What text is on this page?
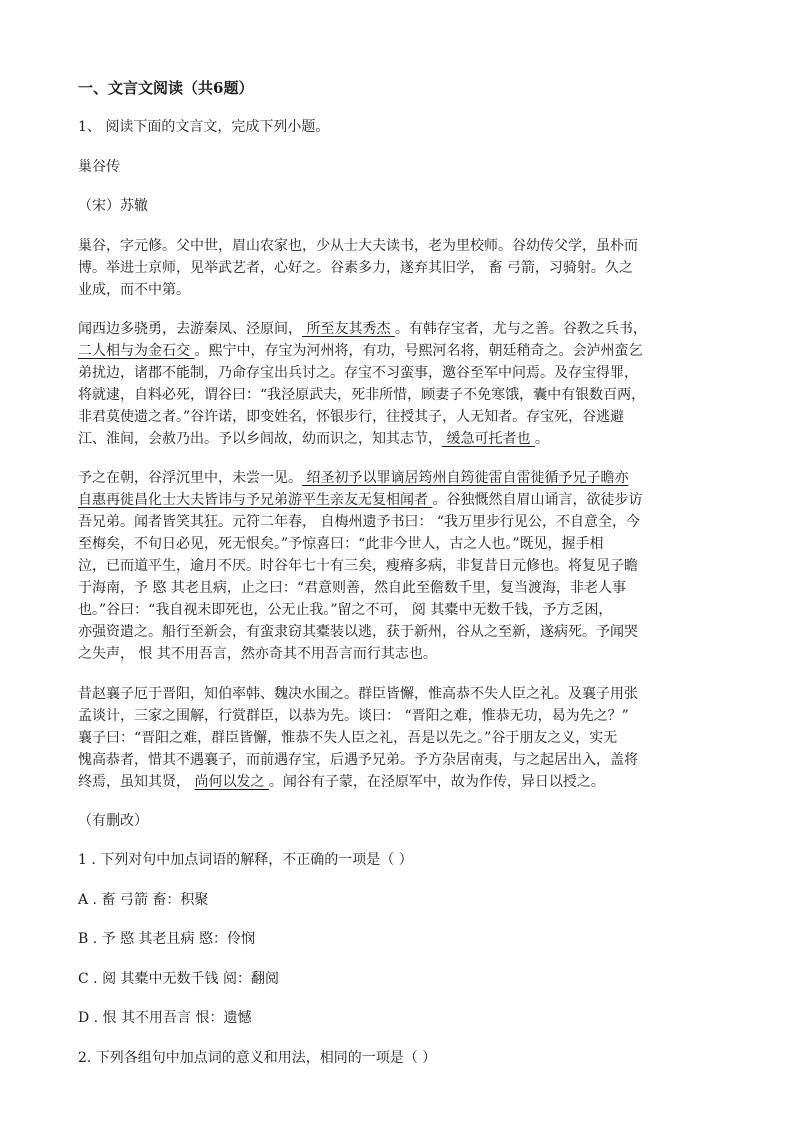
一、文言文阅读（共6题）
1、 阅读下面的文言文，完成下列小题。
巢谷传
（宋）苏辙
巢谷，字元修。父中世，眉山农家也，少从士大夫读书，老为里校师。谷幼传父学，虽朴而
博。举进士京师，见举武艺者，心好之。谷素多力，遂弃其旧学， 畜 弓箭，习骑射。久之
业成，而不中第。
闻西边多骁勇，去游秦凤、泾原间， 所至友其秀杰 。有韩存宝者，尤与之善。谷教之兵书，
二人相与为金石交 。熙宁中，存宝为河州将，有功，号熙河名将，朝廷稍奇之。会泸州蛮乞
弟扰边，诸郡不能制，乃命存宝出兵讨之。存宝不习蛮事，邀谷至军中问焉。及存宝得罪，
将就逮，自料必死，谓谷曰：“我泾原武夫，死非所惜，顾妻子不免寒饿，囊中有银数百两，
非君莫使遗之者。”谷许诺，即变姓名，怀银步行，往授其子，人无知者。存宝死，谷逃避
江、淮间，会赦乃出。予以乡闾故，幼而识之，知其志节， 缓急可托者也 。
予之在朝，谷浮沉里中，未尝一见。 绍圣初予以罪谪居筠州自筠徙雷自雷徙循予兄子瞻亦
自惠再徙昌化士大夫皆讳与予兄弟游平生亲友无复相闻者 。谷独慨然自眉山诵言，欲徒步访
吾兄弟。闻者皆笑其狂。元符二年春， 自梅州遗予书曰： “我万里步行见公，不自意全，今
至梅矣，不旬日必见，死无恨矣。”予惊喜曰：“此非今世人，古之人也。”既见，握手相
泣，已而道平生，逾月不厌。时谷年七十有三矣，瘦瘠多病，非复昔日元修也。将复见子瞻
于海南，予 愍 其老且病，止之曰：“君意则善，然自此至儋数千里，复当渡海，非老人事
也。”谷曰：“我自视未即死也，公无止我。”留之不可， 阅 其橐中无数千钱，予方乏困，
亦强资遣之。船行至新会，有蛮隶窃其橐装以逃，获于新州，谷从之至新，遂病死。予闻哭
之失声， 恨 其不用吾言，然亦奇其不用吾言而行其志也。
昔赵襄子厄于晋阳，知伯率韩、魏决水围之。群臣皆懈，惟高恭不失人臣之礼。及襄子用张
孟谈计，三家之围解，行赏群臣，以恭为先。谈曰： “晋阳之难，惟恭无功，曷为先之？”
襄子曰：“晋阳之难，群臣皆懈，惟恭不失人臣之礼，吾是以先之。”谷于朋友之义，实无
愧高恭者，惜其不遇襄子，而前遇存宝，后遇予兄弟。予方杂居南夷，与之起居出入，盖将
终焉，虽知其贤， 尚何以发之 。闻谷有子蒙，在泾原军中，故为作传，异日以授之。
（有删改）
1 . 下列对句中加点词语的解释，不正确的一项是（ ）
A . 畜 弓箭 畜：积聚
B . 予 愍 其老且病 愍：伶悯
C . 阅 其橐中无数千钱 阅：翻阅
D . 恨 其不用吾言 恨：遗憾
2. 下列各组句中加点词的意义和用法，相同的一项是（ ）
